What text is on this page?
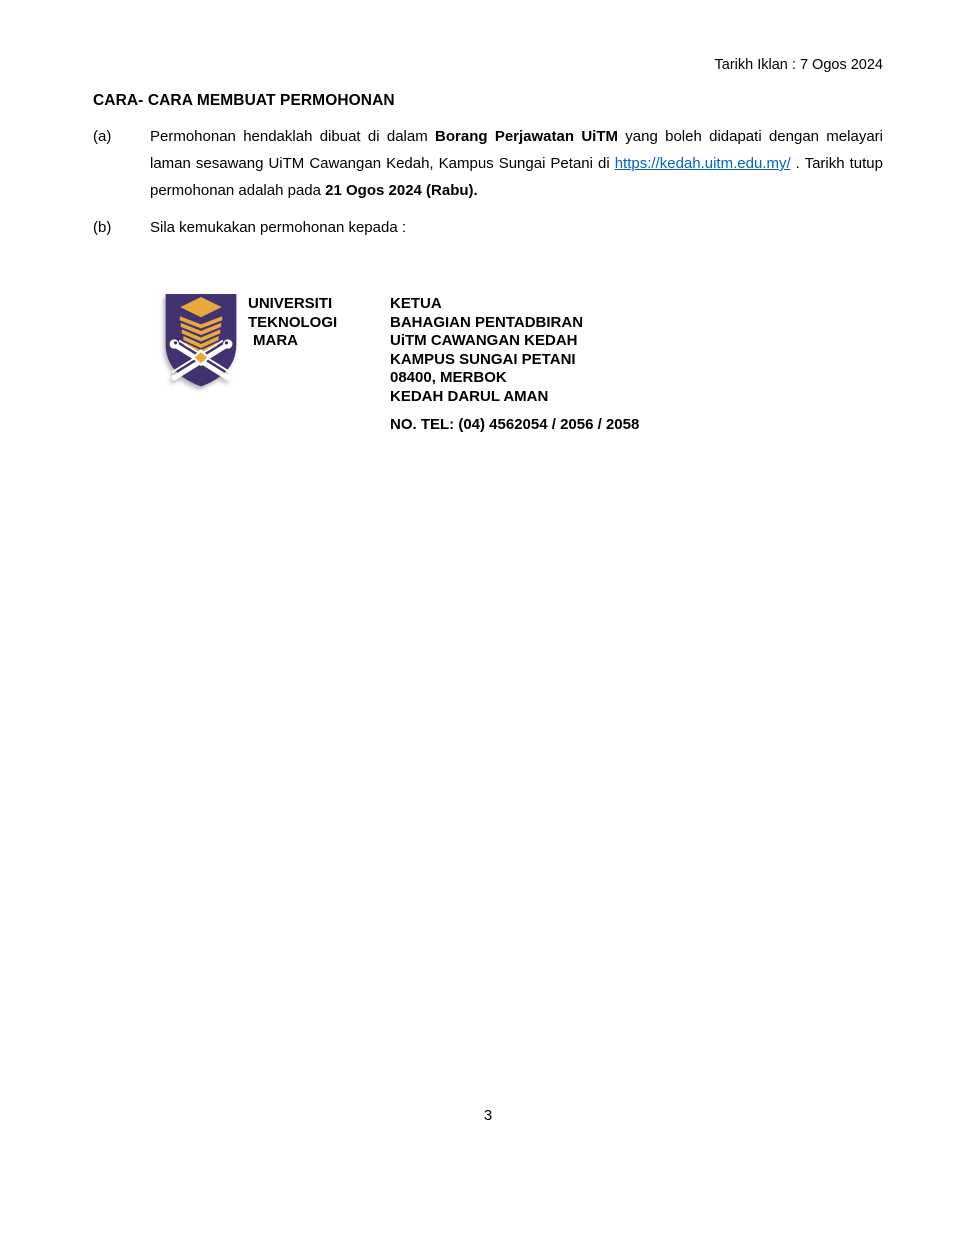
Tarikh Iklan : 7 Ogos 2024
CARA- CARA MEMBUAT PERMOHONAN
(a)	Permohonan hendaklah dibuat di dalam Borang Perjawatan UiTM yang boleh didapati dengan melayari laman sesawang UiTM Cawangan Kedah, Kampus Sungai Petani di https://kedah.uitm.edu.my/ . Tarikh tutup permohonan adalah pada 21 Ogos 2024 (Rabu).
(b)	Sila kemukakan permohonan kepada :
UNIVERSITI
TEKNOLOGI
MARA
KETUA
BAHAGIAN PENTADBIRAN
UiTM CAWANGAN KEDAH
KAMPUS SUNGAI PETANI
08400, MERBOK
KEDAH DARUL AMAN
NO. TEL: (04) 4562054 / 2056 / 2058
3
